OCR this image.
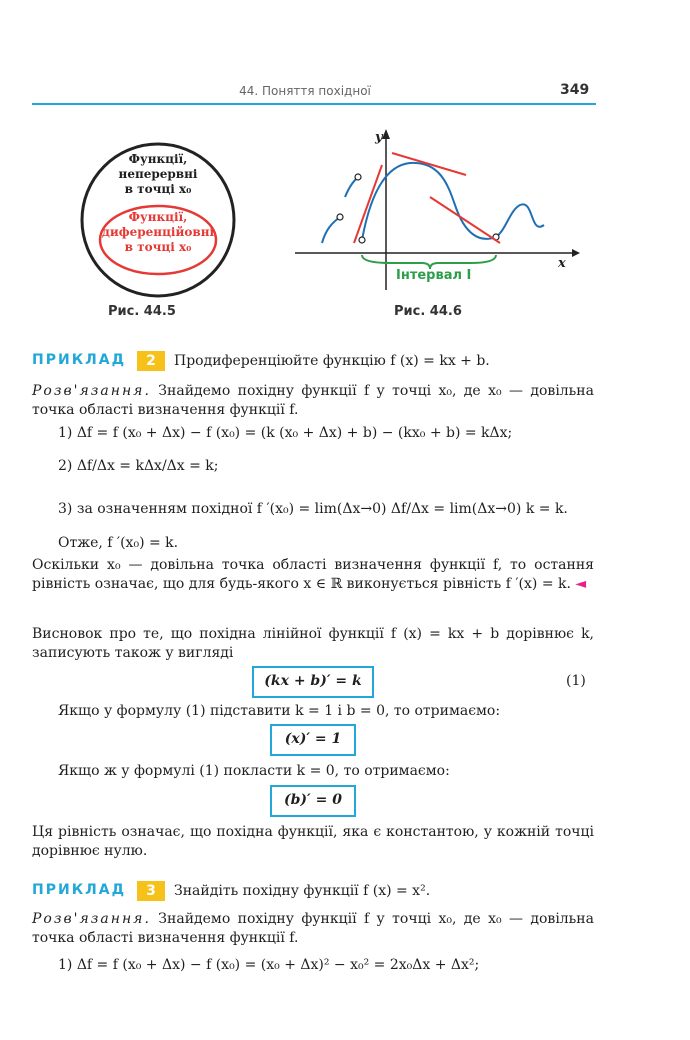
44. Поняття похідної	349
Функції,
неперервні
в точці x₀
Функції,
диференційовні
в точці x₀
Рис. 44.5
y
x
Інтервал I
Рис. 44.6
ПРИКЛАД	2	Продиференціюйте функцію f (x) = kx + b.
Розв'язання. Знайдемо похідну функції f у точці x₀, де x₀ — довільна точка області визначення функції f.
1) Δf = f (x₀ + Δx) − f (x₀) = (k (x₀ + Δx) + b) − (kx₀ + b) = kΔx;
2) Δf/Δx = kΔx/Δx = k;
3) за означенням похідної f ′(x₀) = lim(Δx→0) Δf/Δx = lim(Δx→0) k = k.
Отже, f ′(x₀) = k.
Оскільки x₀ — довільна точка області визначення функції f, то остання рівність означає, що для будь-якого x ∈ ℝ виконується рівність f ′(x) = k. ◄
Висновок про те, що похідна лінійної функції f (x) = kx + b дорівнює k, записують також у вигляді
(kx + b)′ = k	(1)
Якщо у формулу (1) підставити k = 1 і b = 0, то отримаємо:
(x)′ = 1
Якщо ж у формулі (1) покласти k = 0, то отримаємо:
(b)′ = 0
Ця рівність означає, що похідна функції, яка є константою, у кожній точці дорівнює нулю.
ПРИКЛАД	3	Знайдіть похідну функції f (x) = x².
Розв'язання. Знайдемо похідну функції f у точці x₀, де x₀ — довільна точка області визначення функції f.
1) Δf = f (x₀ + Δx) − f (x₀) = (x₀ + Δx)² − x₀² = 2x₀Δx + Δx²;
